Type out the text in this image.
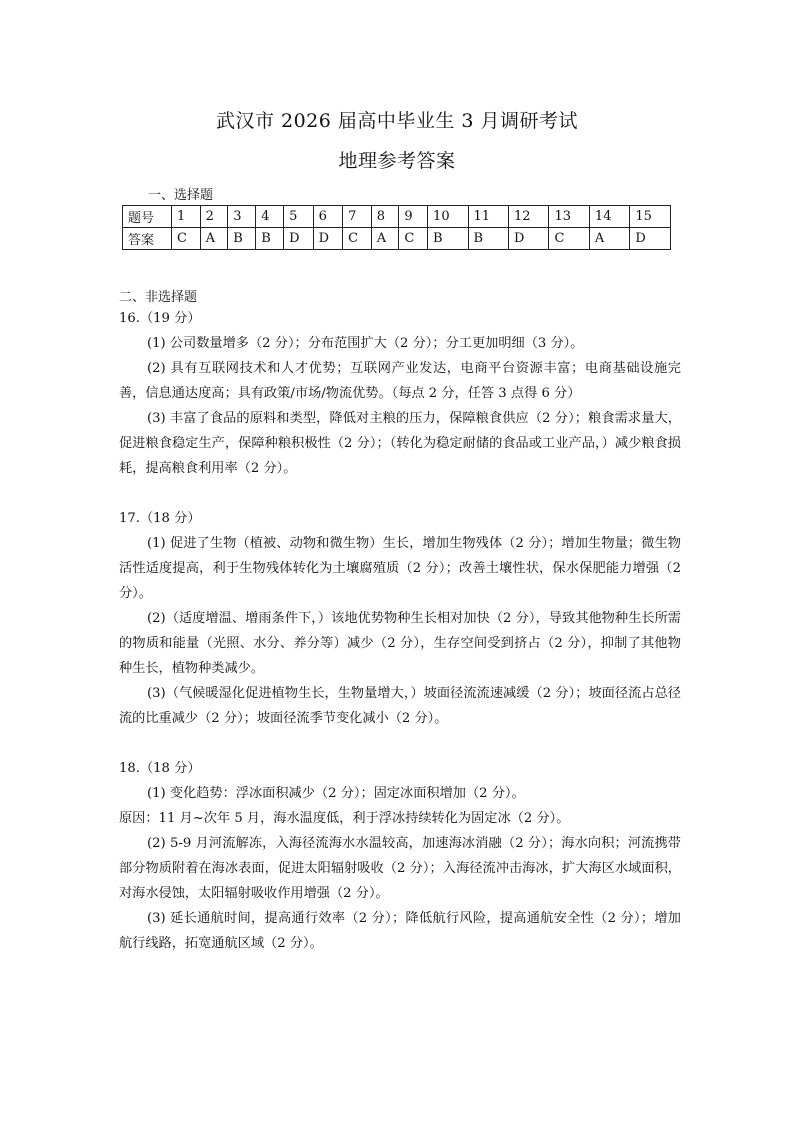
武汉市 2026 届高中毕业生 3 月调研考试
地理参考答案
一、选择题
题号	1	2	3	4	5	6	7	8	9	10	11	12	13	14	15
答案	C	A	B	B	D	D	C	A	C	B	B	D	C	A	D
二、非选择题

16.（19 分）

(1) 公司数量增多（2 分）；分布范围扩大（2 分）；分工更加明细（3 分）。

(2) 具有互联网技术和人才优势；互联网产业发达，电商平台资源丰富；电商基础设施完善，信息通达度高；具有政策/市场/物流优势。（每点 2 分，任答 3 点得 6 分）

(3) 丰富了食品的原料和类型，降低对主粮的压力，保障粮食供应（2 分）；粮食需求量大，促进粮食稳定生产，保障种粮积极性（2 分）；（转化为稳定耐储的食品或工业产品，）减少粮食损耗，提高粮食利用率（2 分）。

17.（18 分）

(1) 促进了生物（植被、动物和微生物）生长，增加生物残体（2 分）；增加生物量；微生物活性适度提高，利于生物残体转化为土壤腐殖质（2 分）；改善土壤性状，保水保肥能力增强（2 分）。

(2)（适度增温、增雨条件下，）该地优势物种生长相对加快（2 分），导致其他物种生长所需的物质和能量（光照、水分、养分等）减少（2 分），生存空间受到挤占（2 分），抑制了其他物种生长，植物种类减少。

(3)（气候暖湿化促进植物生长，生物量增大，）坡面径流流速减缓（2 分）；坡面径流占总径流的比重减少（2 分）；坡面径流季节变化减小（2 分）。

18.（18 分）

(1) 变化趋势：浮冰面积减少（2 分）；固定冰面积增加（2 分）。

原因：11 月~次年 5 月，海水温度低，利于浮冰持续转化为固定冰（2 分）。

(2) 5-9 月河流解冻，入海径流海水水温较高，加速海冰消融（2 分）；海水向积；河流携带部分物质附着在海冰表面，促进太阳辐射吸收（2 分）；入海径流冲击海冰，扩大海区水域面积，对海水侵蚀，太阳辐射吸收作用增强（2 分）。

(3) 延长通航时间，提高通行效率（2 分）；降低航行风险，提高通航安全性（2 分）；增加航行线路，拓宽通航区域（2 分）。
